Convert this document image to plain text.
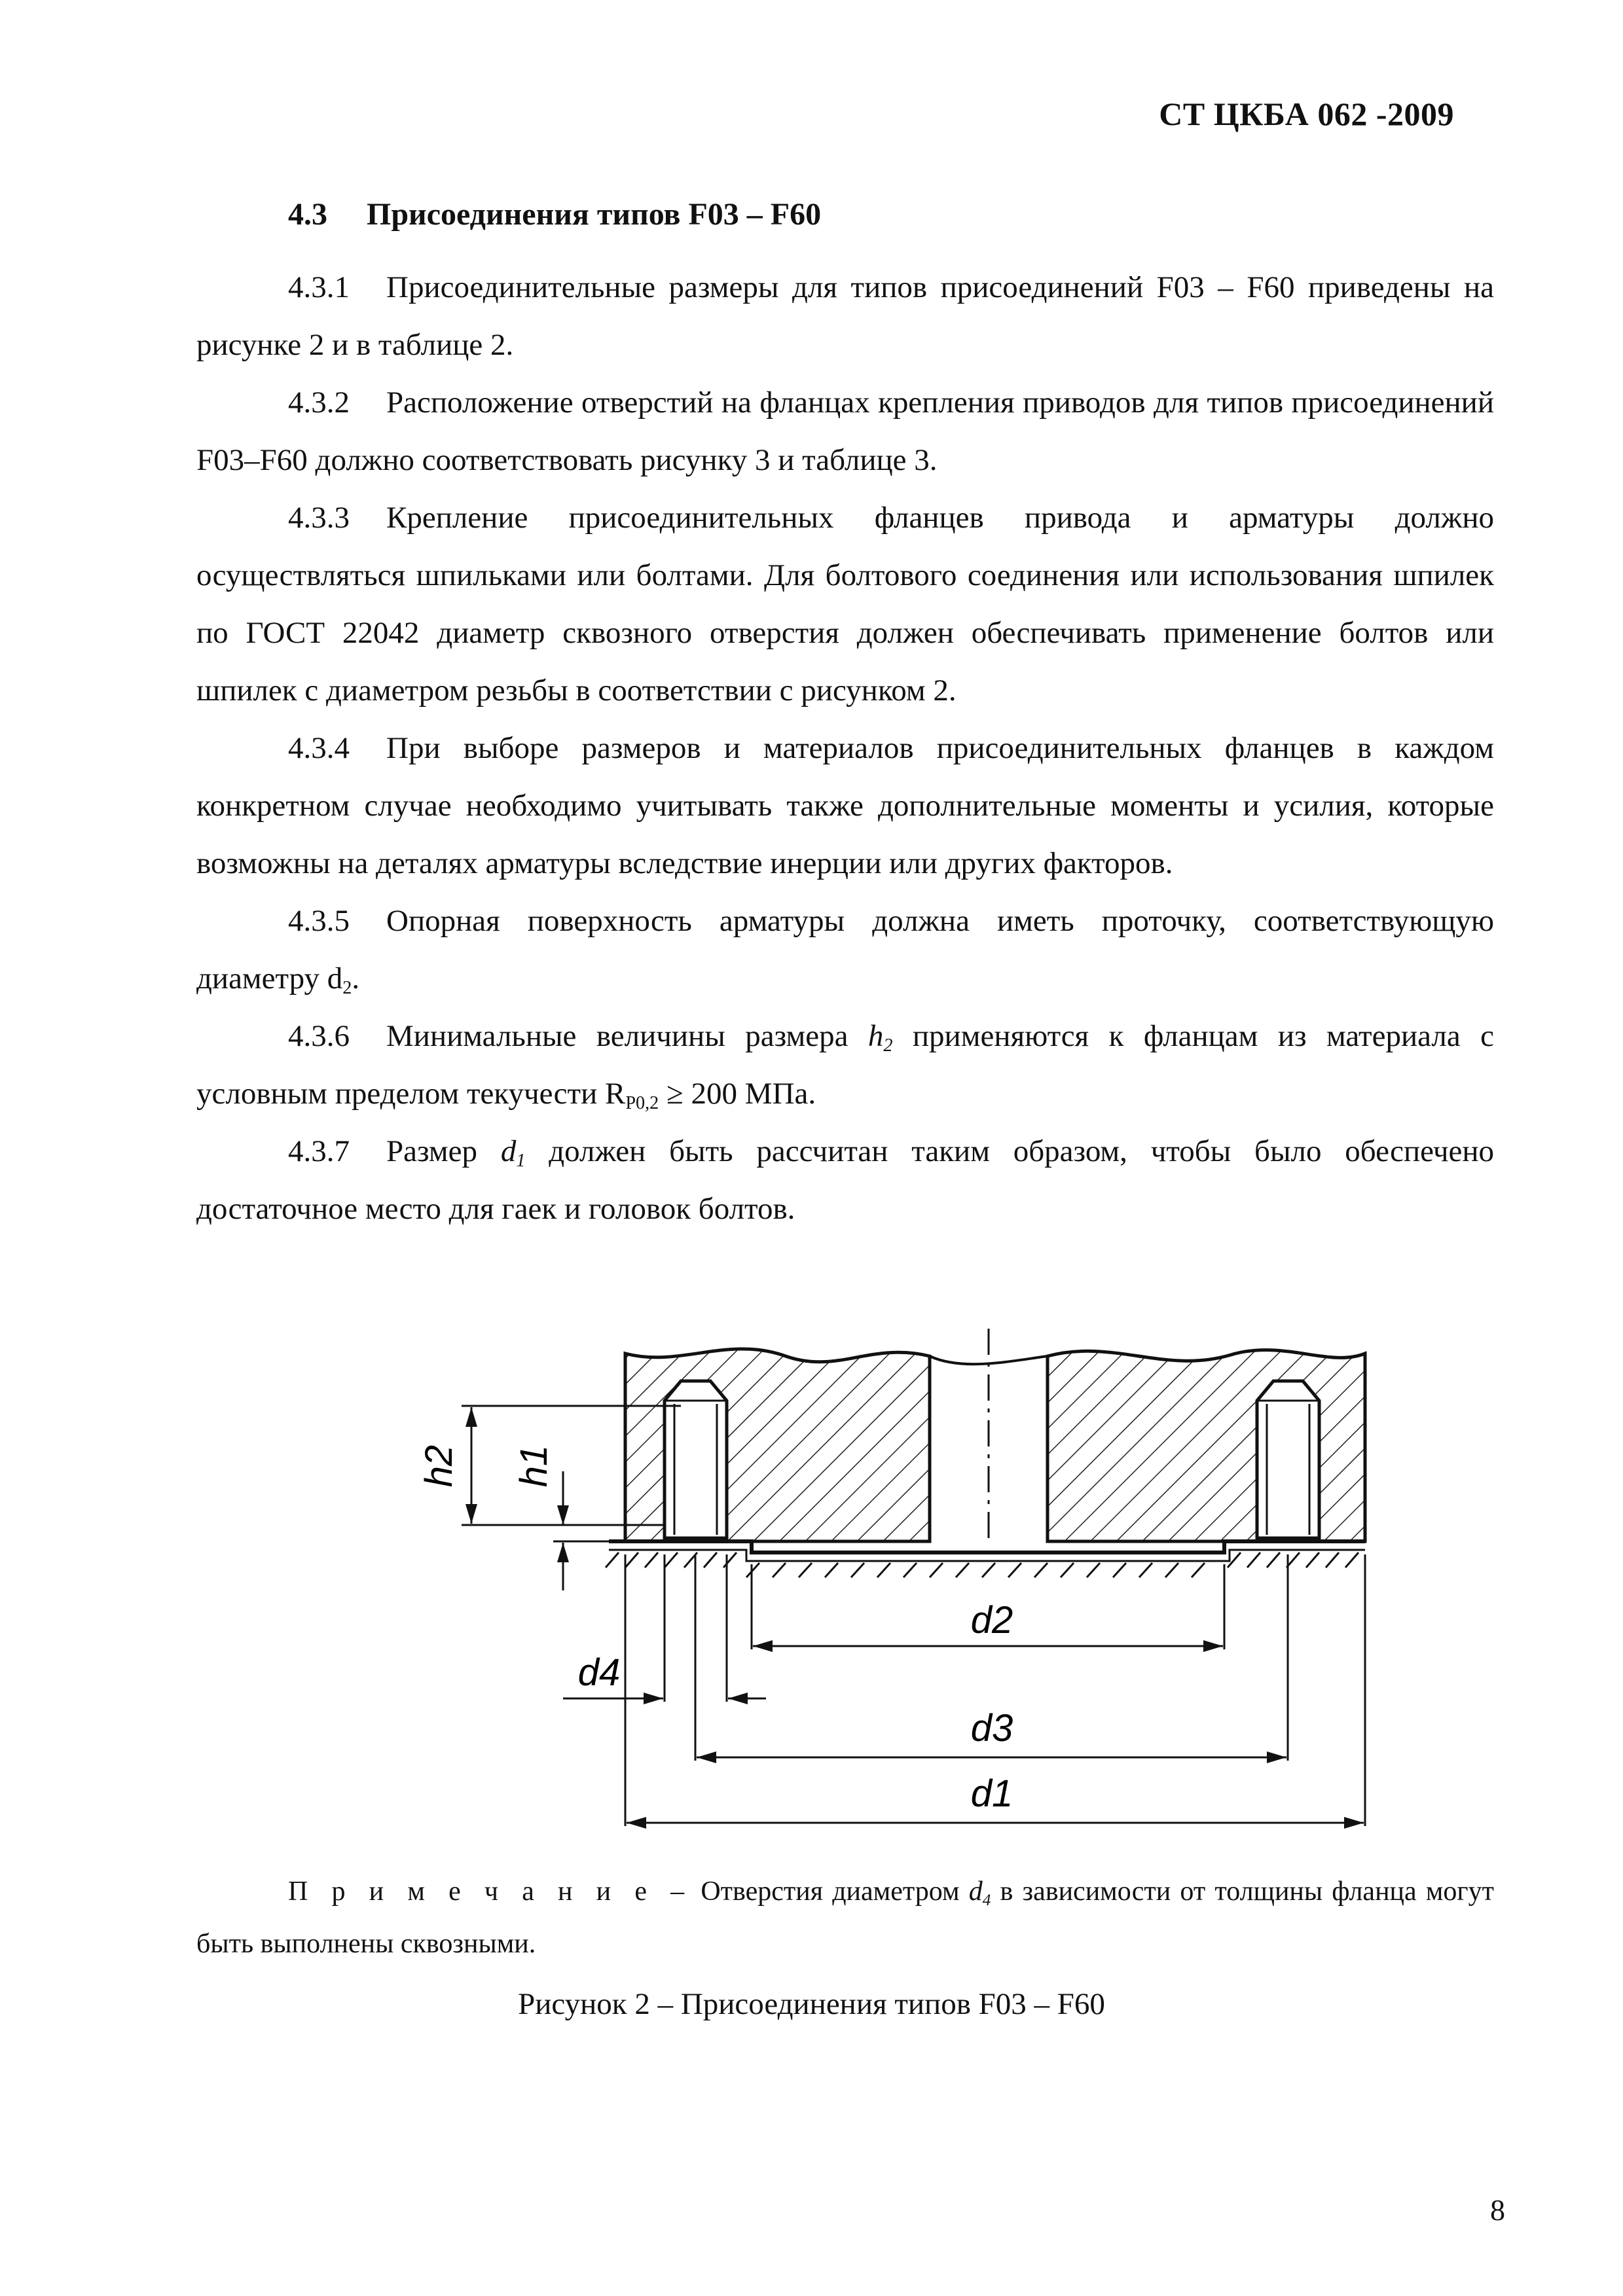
СТ ЦКБА 062 -2009
4.3 Присоединения типов F03 – F60

4.3.1 Присоединительные размеры для типов присоединений F03 – F60 приведены на рисунке 2 и в таблице 2.

4.3.2 Расположение отверстий на фланцах крепления приводов для типов присоединений F03–F60 должно соответствовать рисунку 3 и таблице 3.

4.3.3 Крепление присоединительных фланцев привода и арматуры должно осуществляться шпильками или болтами. Для болтового соединения или использования шпилек по ГОСТ 22042 диаметр сквозного отверстия должен обеспечивать применение болтов или шпилек с диаметром резьбы в соответствии с рисунком 2.

4.3.4 При выборе размеров и материалов присоединительных фланцев в каждом конкретном случае необходимо учитывать также дополнительные моменты и усилия, которые возможны на деталях арматуры вследствие инерции или других факторов.

4.3.5 Опорная поверхность арматуры должна иметь проточку, соответствующую диаметру $d_2$.

4.3.6 Минимальные величины размера $h_2$ применяются к фланцам из материала с условным пределом текучести $R_{P0,2} \ge 200$ МПа.

4.3.7 Размер $d_1$ должен быть рассчитан таким образом, чтобы было обеспечено достаточное место для гаек и головок болтов.

h2 h1
d2
d4
d3
d1
П р и м е ч а н и е – Отверстия диаметром $d_4$ в зависимости от толщины фланца могут быть выполнены сквозными.
Рисунок 2 – Присоединения типов F03 – F60
8
